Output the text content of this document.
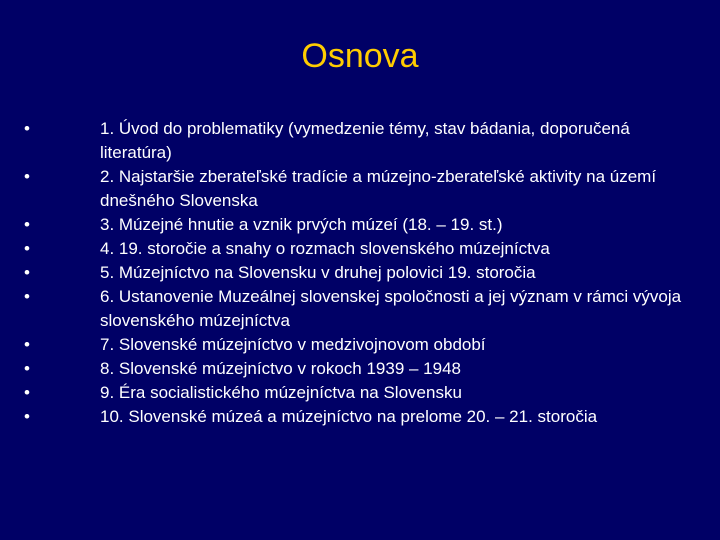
Osnova
•	1. Úvod do problematiky (vymedzenie témy, stav bádania, doporučená literatúra)
•	2. Najstaršie zberateľské tradície a múzejno-zberateľské aktivity na území dnešného Slovenska
•	3. Múzejné hnutie a vznik prvých múzeí (18. – 19. st.)
•	4. 19. storočie a snahy o rozmach slovenského múzejníctva
•	5. Múzejníctvo na Slovensku v druhej polovici 19. storočia
•	6. Ustanovenie Muzeálnej slovenskej spoločnosti a jej význam v rámci vývoja slovenského múzejníctva
•	7. Slovenské múzejníctvo v medzivojnovom období
•	8. Slovenské múzejníctvo v rokoch 1939 – 1948
•	9. Éra socialistického múzejníctva na Slovensku
•	10. Slovenské múzeá a múzejníctvo na prelome 20. – 21. storočia
